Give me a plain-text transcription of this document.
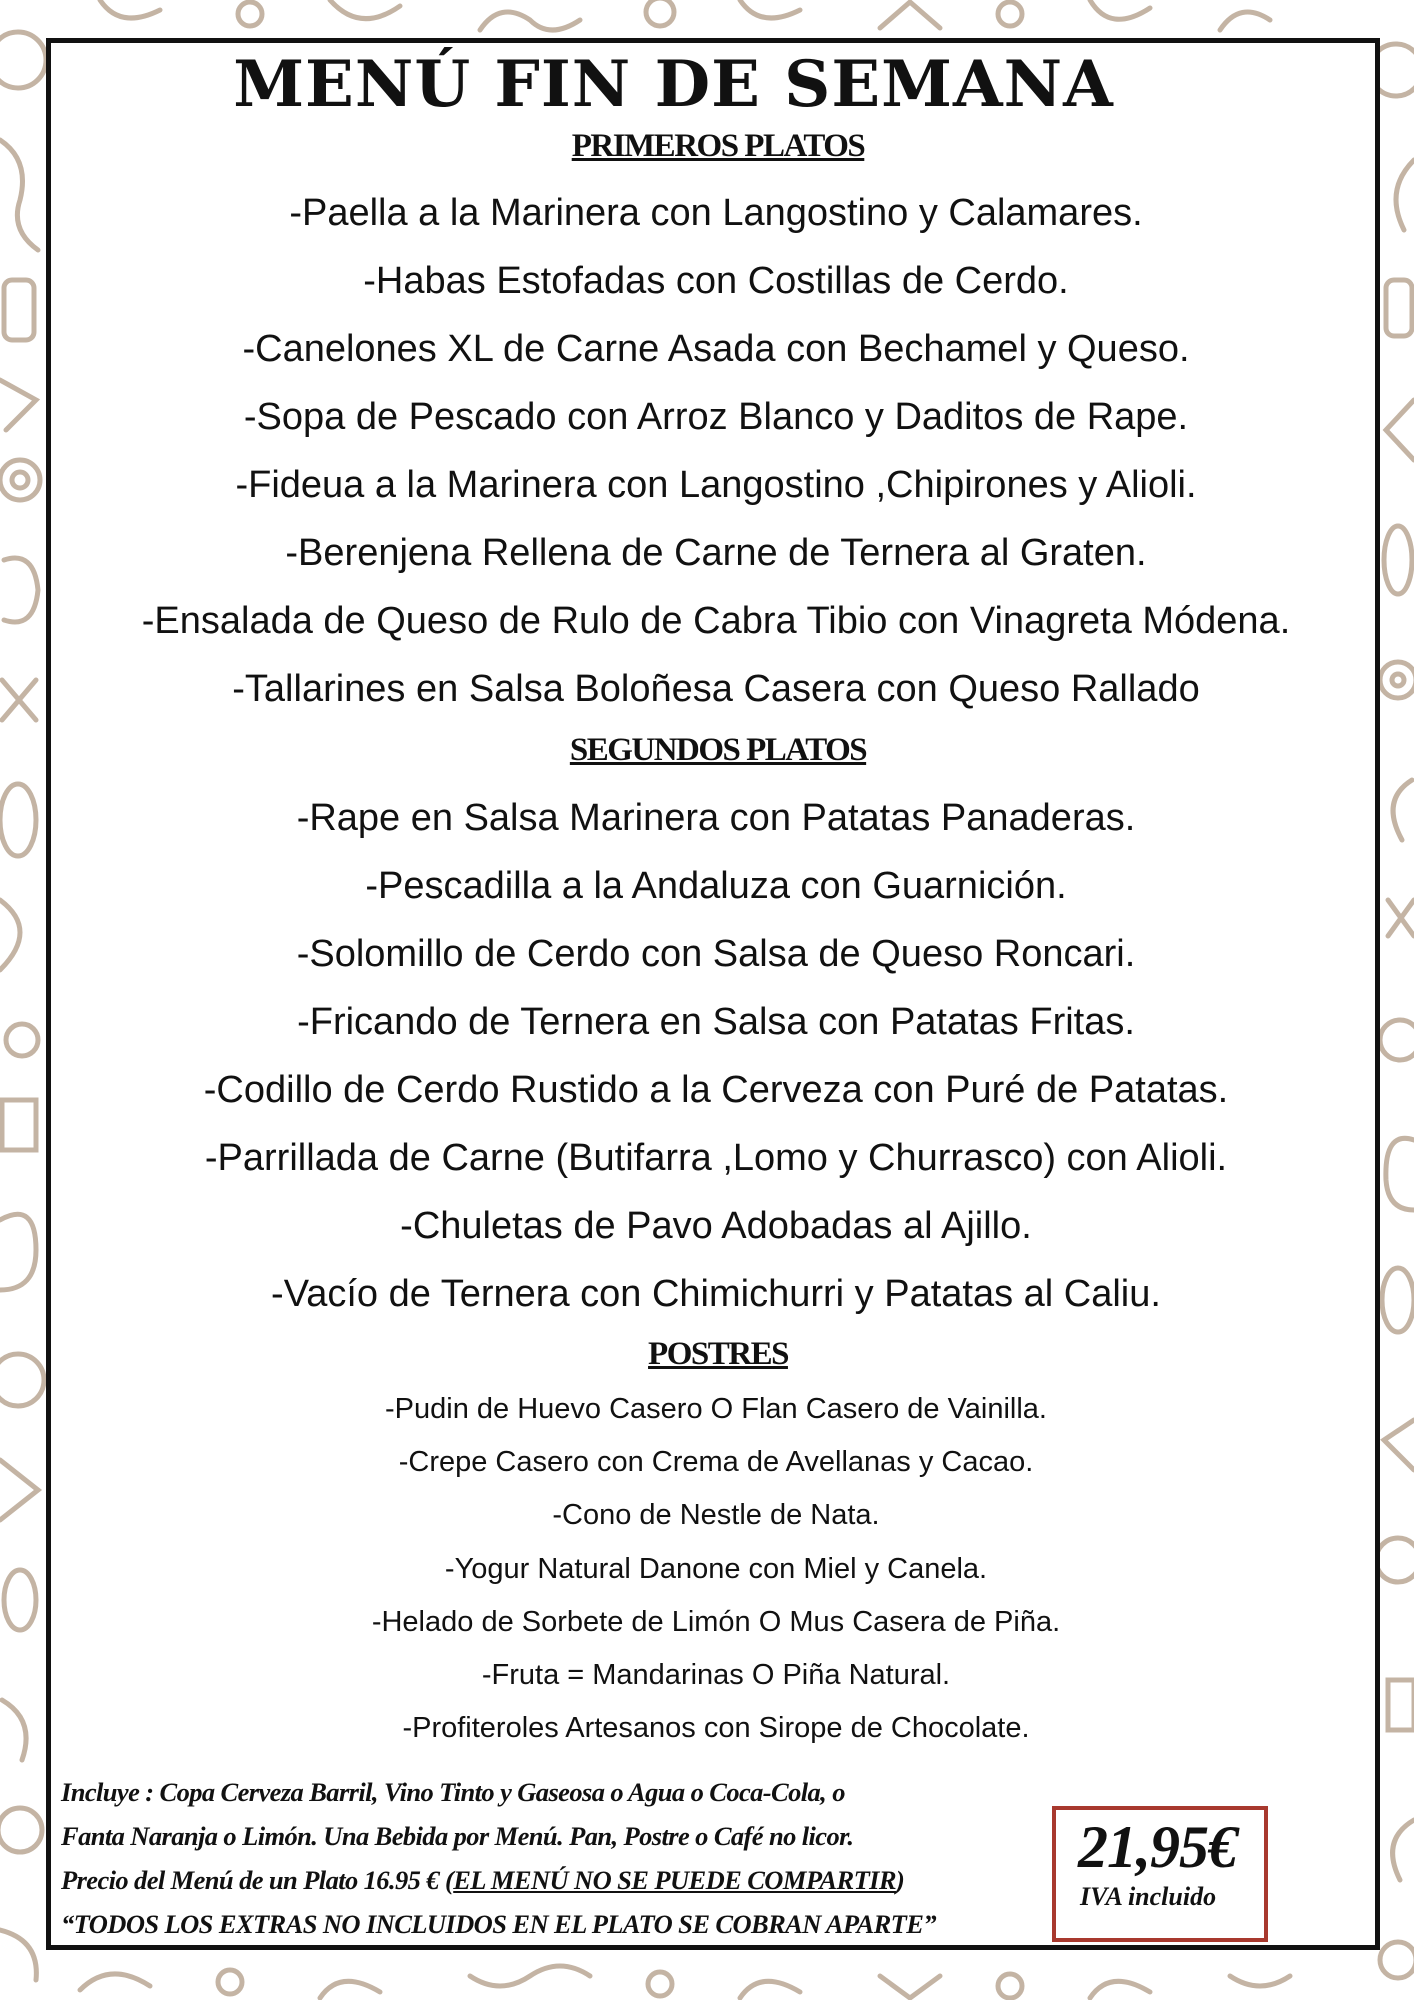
MENÚ FIN DE SEMANA
PRIMEROS PLATOS
-Paella a la Marinera con Langostino y Calamares.
-Habas Estofadas con Costillas de Cerdo.
-Canelones XL de Carne Asada con Bechamel y Queso.
-Sopa de Pescado con Arroz Blanco y Daditos de Rape.
-Fideua a la Marinera con Langostino ,Chipirones y Alioli.
-Berenjena Rellena de Carne de Ternera al Graten.
-Ensalada de Queso de Rulo de Cabra Tibio con Vinagreta Módena.
-Tallarines en Salsa Boloñesa Casera con Queso Rallado
SEGUNDOS PLATOS
-Rape en Salsa Marinera con Patatas Panaderas.
-Pescadilla a la Andaluza con Guarnición.
-Solomillo de Cerdo con Salsa de Queso Roncari.
-Fricando de Ternera en Salsa con Patatas Fritas.
-Codillo de Cerdo Rustido a la Cerveza con Puré de Patatas.
-Parrillada de Carne (Butifarra ,Lomo y Churrasco) con Alioli.
-Chuletas de Pavo Adobadas al Ajillo.
-Vacío de Ternera con Chimichurri y Patatas al Caliu.
POSTRES
-Pudin de Huevo Casero O Flan Casero de Vainilla.
-Crepe Casero con Crema de Avellanas y Cacao.
-Cono de Nestle de Nata.
-Yogur Natural Danone con Miel y Canela.
-Helado de Sorbete de Limón O Mus Casera de Piña.
-Fruta = Mandarinas O Piña Natural.
-Profiteroles Artesanos con Sirope de Chocolate.
Incluye : Copa Cerveza Barril, Vino Tinto y Gaseosa o Agua o Coca-Cola, o
Fanta Naranja o Limón. Una Bebida por Menú. Pan, Postre o Café no licor.
Precio del Menú de un Plato 16.95 € (EL MENÚ NO SE PUEDE COMPARTIR)
“TODOS LOS EXTRAS NO INCLUIDOS EN EL PLATO SE COBRAN APARTE”
21,95€
IVA incluido
